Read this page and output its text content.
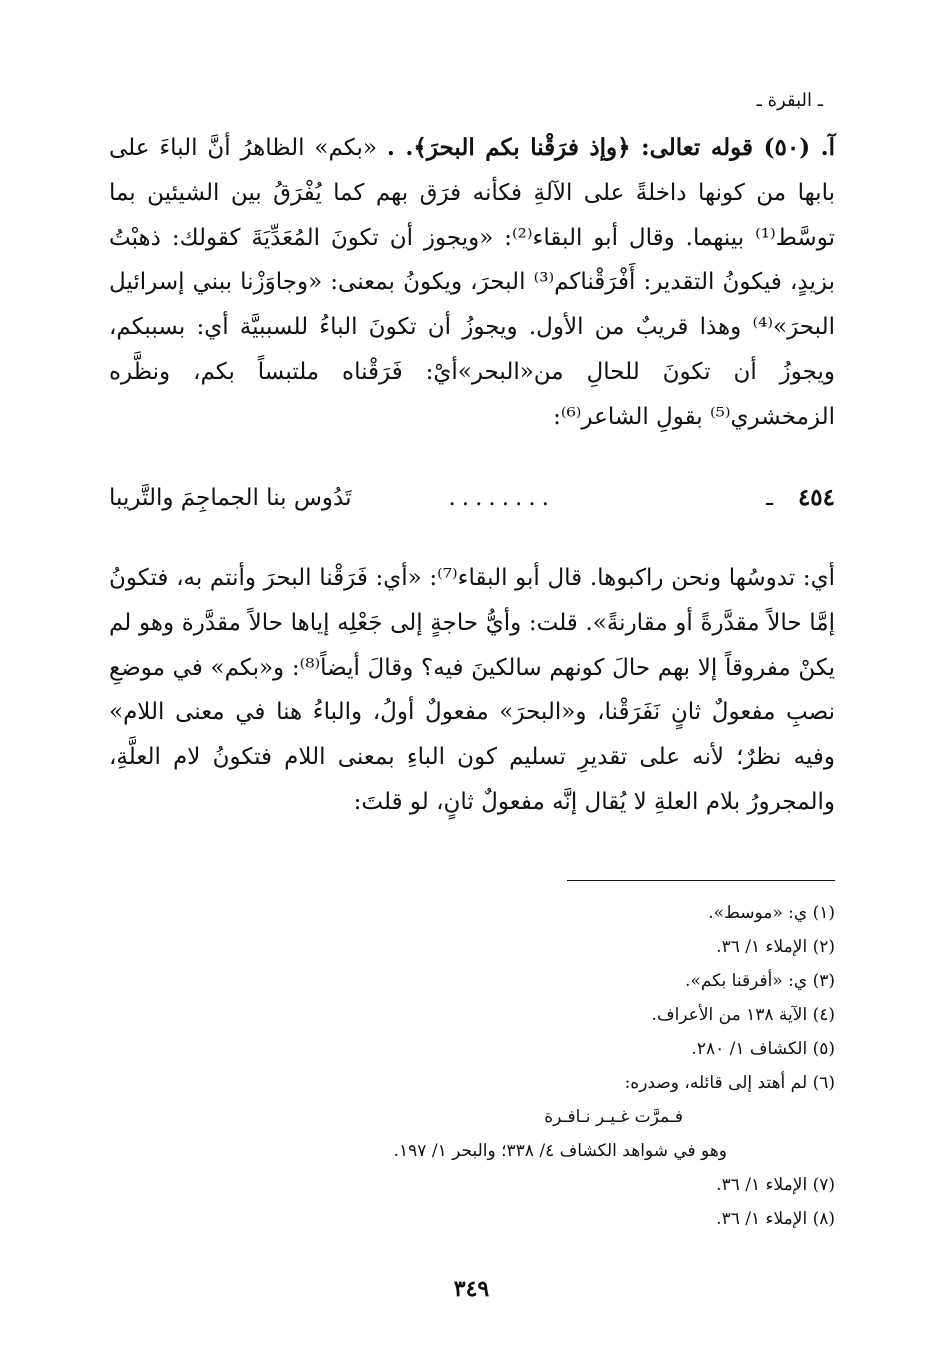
ـ البقرة ـ

آ. (٥٠) قوله تعالى: ﴿وإذ فرَقْنا بكم البحرَ﴾. . «بكم» الظاهرُ أنَّ الباءَ على بابها من كونها داخلةً على الآلةِ فكأنه فرَق بهم كما يُفْرَقُ بين الشيئين بما توسَّط⁽¹⁾ بينهما. وقال أبو البقاء⁽²⁾: «ويجوز أن تكونَ المُعَدِّيَةَ كقولك: ذهبْتُ بزيدٍ، فيكونُ التقدير: أَفْرَقْناكم⁽³⁾ البحرَ، ويكونُ بمعنى: «وجاوَزْنا ببني إسرائيل البحرَ»⁽⁴⁾ وهذا قريبٌ من الأول. ويجوزُ أن تكونَ الباءُ للسببيَّة أي: بسببكم، ويجوزُ أن تكونَ للحالِ من«البحر»أيْ: فَرَقْناه ملتبساً بكم، ونظَّره الزمخشري⁽⁵⁾ بقولِ الشاعر⁽⁶⁾:

٤٥٤
ـ
........
تَدُوس بنا الجماجِمَ والتَّريبا

أي: تدوسُها ونحن راكبوها. قال أبو البقاء⁽⁷⁾: «أي: فَرَقْنا البحرَ وأنتم به، فتكونُ إمَّا حالاً مقدَّرةً أو مقارنةً». قلت: وأيُّ حاجةٍ إلى جَعْلِه إياها حالاً مقدَّرة وهو لم يكنْ مفروقاً إلا بهم حالَ كونهم سالكينَ فيه؟ وقالَ أيضاً⁽⁸⁾: و«بكم» في موضعِ نصبِ مفعولٌ ثانٍ نَفَرَقْنا، و«البحرَ» مفعولٌ أولُ، والباءُ هنا في معنى اللام» وفيه نظرٌ؛ لأنه على تقديرِ تسليم كون الباءِ بمعنى اللام فتكونُ لام العلَّةِ، والمجرورُ بلام العلةِ لا يُقال إنَّه مفعولٌ ثانٍ، لو قلتَ:

(١) ي: «موسط».
(٢) الإملاء ١/ ٣٦.
(٣) ي: «أفرقنا بكم».
(٤) الآية ١٣٨ من الأعراف.
(٥) الكشاف ١/ ٢٨٠.
(٦) لم أهتد إلى قائله، وصدره:
فـمرَّت غـيـر نـافـرة
وهو في شواهد الكشاف ٤/ ٣٣٨؛ والبحر ١/ ١٩٧.
(٧) الإملاء ١/ ٣٦.
(٨) الإملاء ١/ ٣٦.
٣٤٩
